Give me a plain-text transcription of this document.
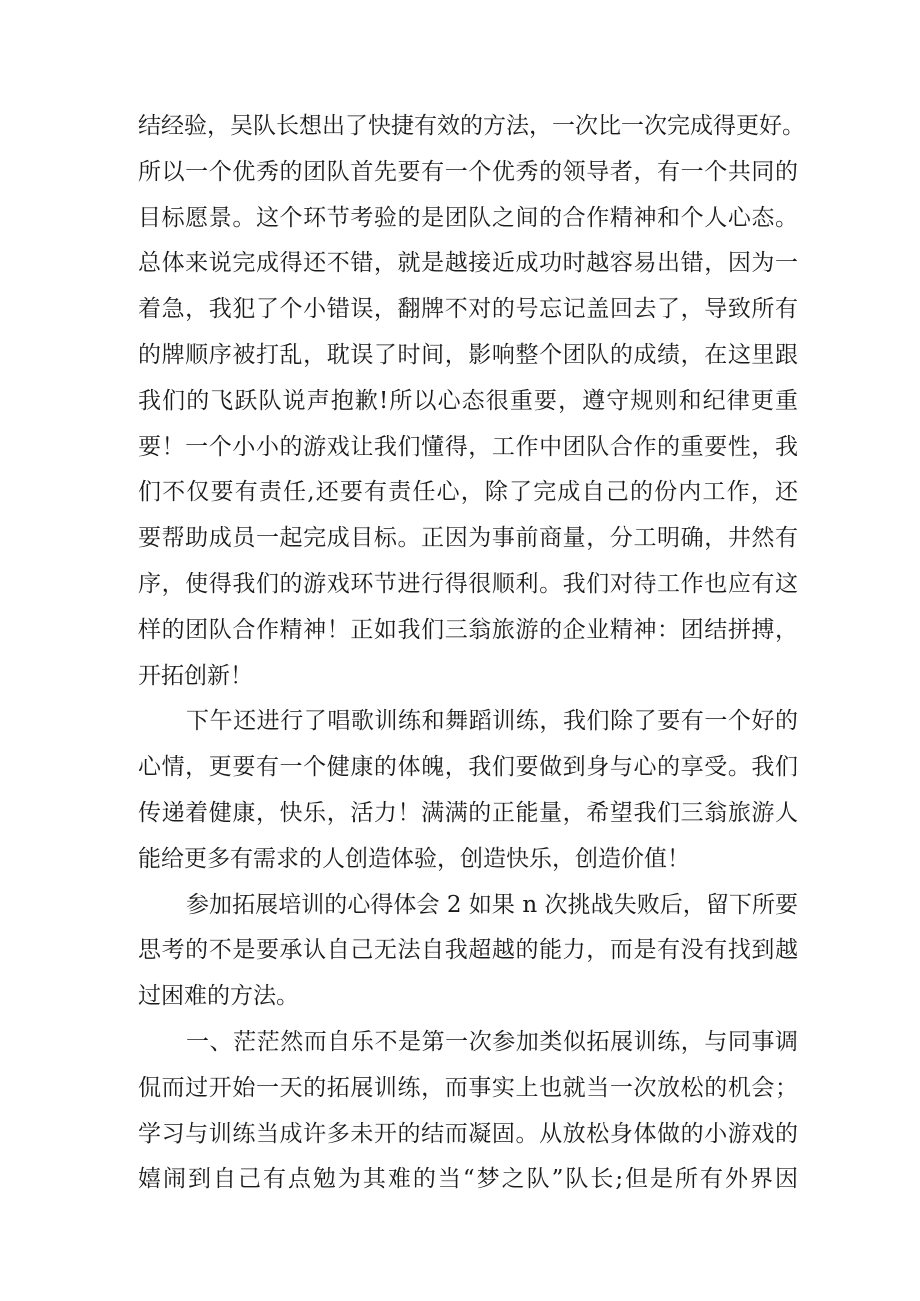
结经验，吴队长想出了快捷有效的方法，一次比一次完成得更好。
所以一个优秀的团队首先要有一个优秀的领导者，有一个共同的
目标愿景。这个环节考验的是团队之间的合作精神和个人心态。
总体来说完成得还不错，就是越接近成功时越容易出错，因为一
着急，我犯了个小错误，翻牌不对的号忘记盖回去了，导致所有
的牌顺序被打乱，耽误了时间，影响整个团队的成绩，在这里跟
我们的飞跃队说声抱歉!所以心态很重要，遵守规则和纪律更重
要！一个小小的游戏让我们懂得，工作中团队合作的重要性，我
们不仅要有责任,还要有责任心，除了完成自己的份内工作，还
要帮助成员一起完成目标。正因为事前商量，分工明确，井然有
序，使得我们的游戏环节进行得很顺利。我们对待工作也应有这
样的团队合作精神！正如我们三翁旅游的企业精神：团结拼搏，
开拓创新！

下午还进行了唱歌训练和舞蹈训练，我们除了要有一个好的
心情，更要有一个健康的体魄，我们要做到身与心的享受。我们
传递着健康，快乐，活力！满满的正能量，希望我们三翁旅游人
能给更多有需求的人创造体验，创造快乐，创造价值！

参加拓展培训的心得体会 2 如果 n 次挑战失败后，留下所要
思考的不是要承认自己无法自我超越的能力，而是有没有找到越
过困难的方法。

一、茫茫然而自乐不是第一次参加类似拓展训练，与同事调
侃而过开始一天的拓展训练，而事实上也就当一次放松的机会；
学习与训练当成许多未开的结而凝固。从放松身体做的小游戏的
嬉闹到自己有点勉为其难的当“梦之队”队长;但是所有外界因
